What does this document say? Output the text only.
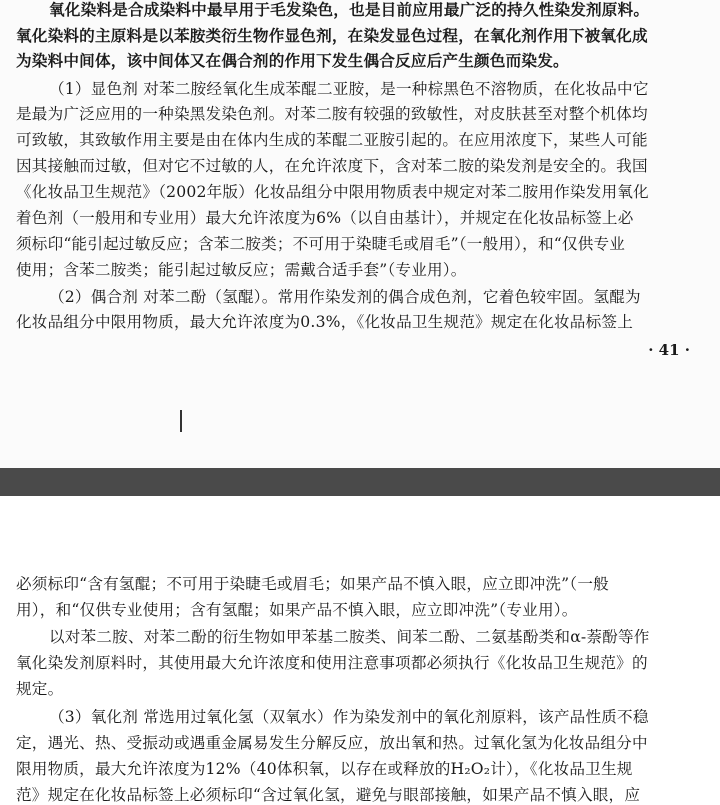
氧化染料是合成染料中最早用于毛发染色，也是目前应用最广泛的持久性染发剂原料。
氧化染料的主原料是以苯胺类衍生物作显色剂，在染发显色过程，在氧化剂作用下被氧化成
为染料中间体，该中间体又在偶合剂的作用下发生偶合反应后产生颜色而染发。
（1）显色剂 对苯二胺经氧化生成苯醌二亚胺，是一种棕黑色不溶物质，在化妆品中它
是最为广泛应用的一种染黑发染色剂。对苯二胺有较强的致敏性，对皮肤甚至对整个机体均
可致敏，其致敏作用主要是由在体内生成的苯醌二亚胺引起的。在应用浓度下，某些人可能
因其接触而过敏，但对它不过敏的人，在允许浓度下，含对苯二胺的染发剂是安全的。我国
《化妆品卫生规范》（2002年版）化妆品组分中限用物质表中规定对苯二胺用作染发用氧化
着色剂（一般用和专业用）最大允许浓度为6%（以自由基计），并规定在化妆品标签上必
须标印“能引起过敏反应；含苯二胺类；不可用于染睫毛或眉毛”（一般用），和“仅供专业
使用；含苯二胺类；能引起过敏反应；需戴合适手套”（专业用）。
（2）偶合剂 对苯二酚（氢醌）。常用作染发剂的偶合成色剂，它着色较牢固。氢醌为
化妆品组分中限用物质，最大允许浓度为0.3%，《化妆品卫生规范》规定在化妆品标签上
· 41 ·
必须标印“含有氢醌；不可用于染睫毛或眉毛；如果产品不慎入眼，应立即冲洗”（一般
用），和“仅供专业使用；含有氢醌；如果产品不慎入眼，应立即冲洗”（专业用）。
以对苯二胺、对苯二酚的衍生物如甲苯基二胺类、间苯二酚、二氨基酚类和α-萘酚等作
氧化染发剂原料时，其使用最大允许浓度和使用注意事项都必须执行《化妆品卫生规范》的
规定。
（3）氧化剂 常选用过氧化氢（双氧水）作为染发剂中的氧化剂原料，该产品性质不稳
定，遇光、热、受振动或遇重金属易发生分解反应，放出氧和热。过氧化氢为化妆品组分中
限用物质，最大允许浓度为12%（40体积氧，以存在或释放的H₂O₂计），《化妆品卫生规
范》规定在化妆品标签上必须标印“含过氧化氢，避免与眼部接触，如果产品不慎入眼，应
